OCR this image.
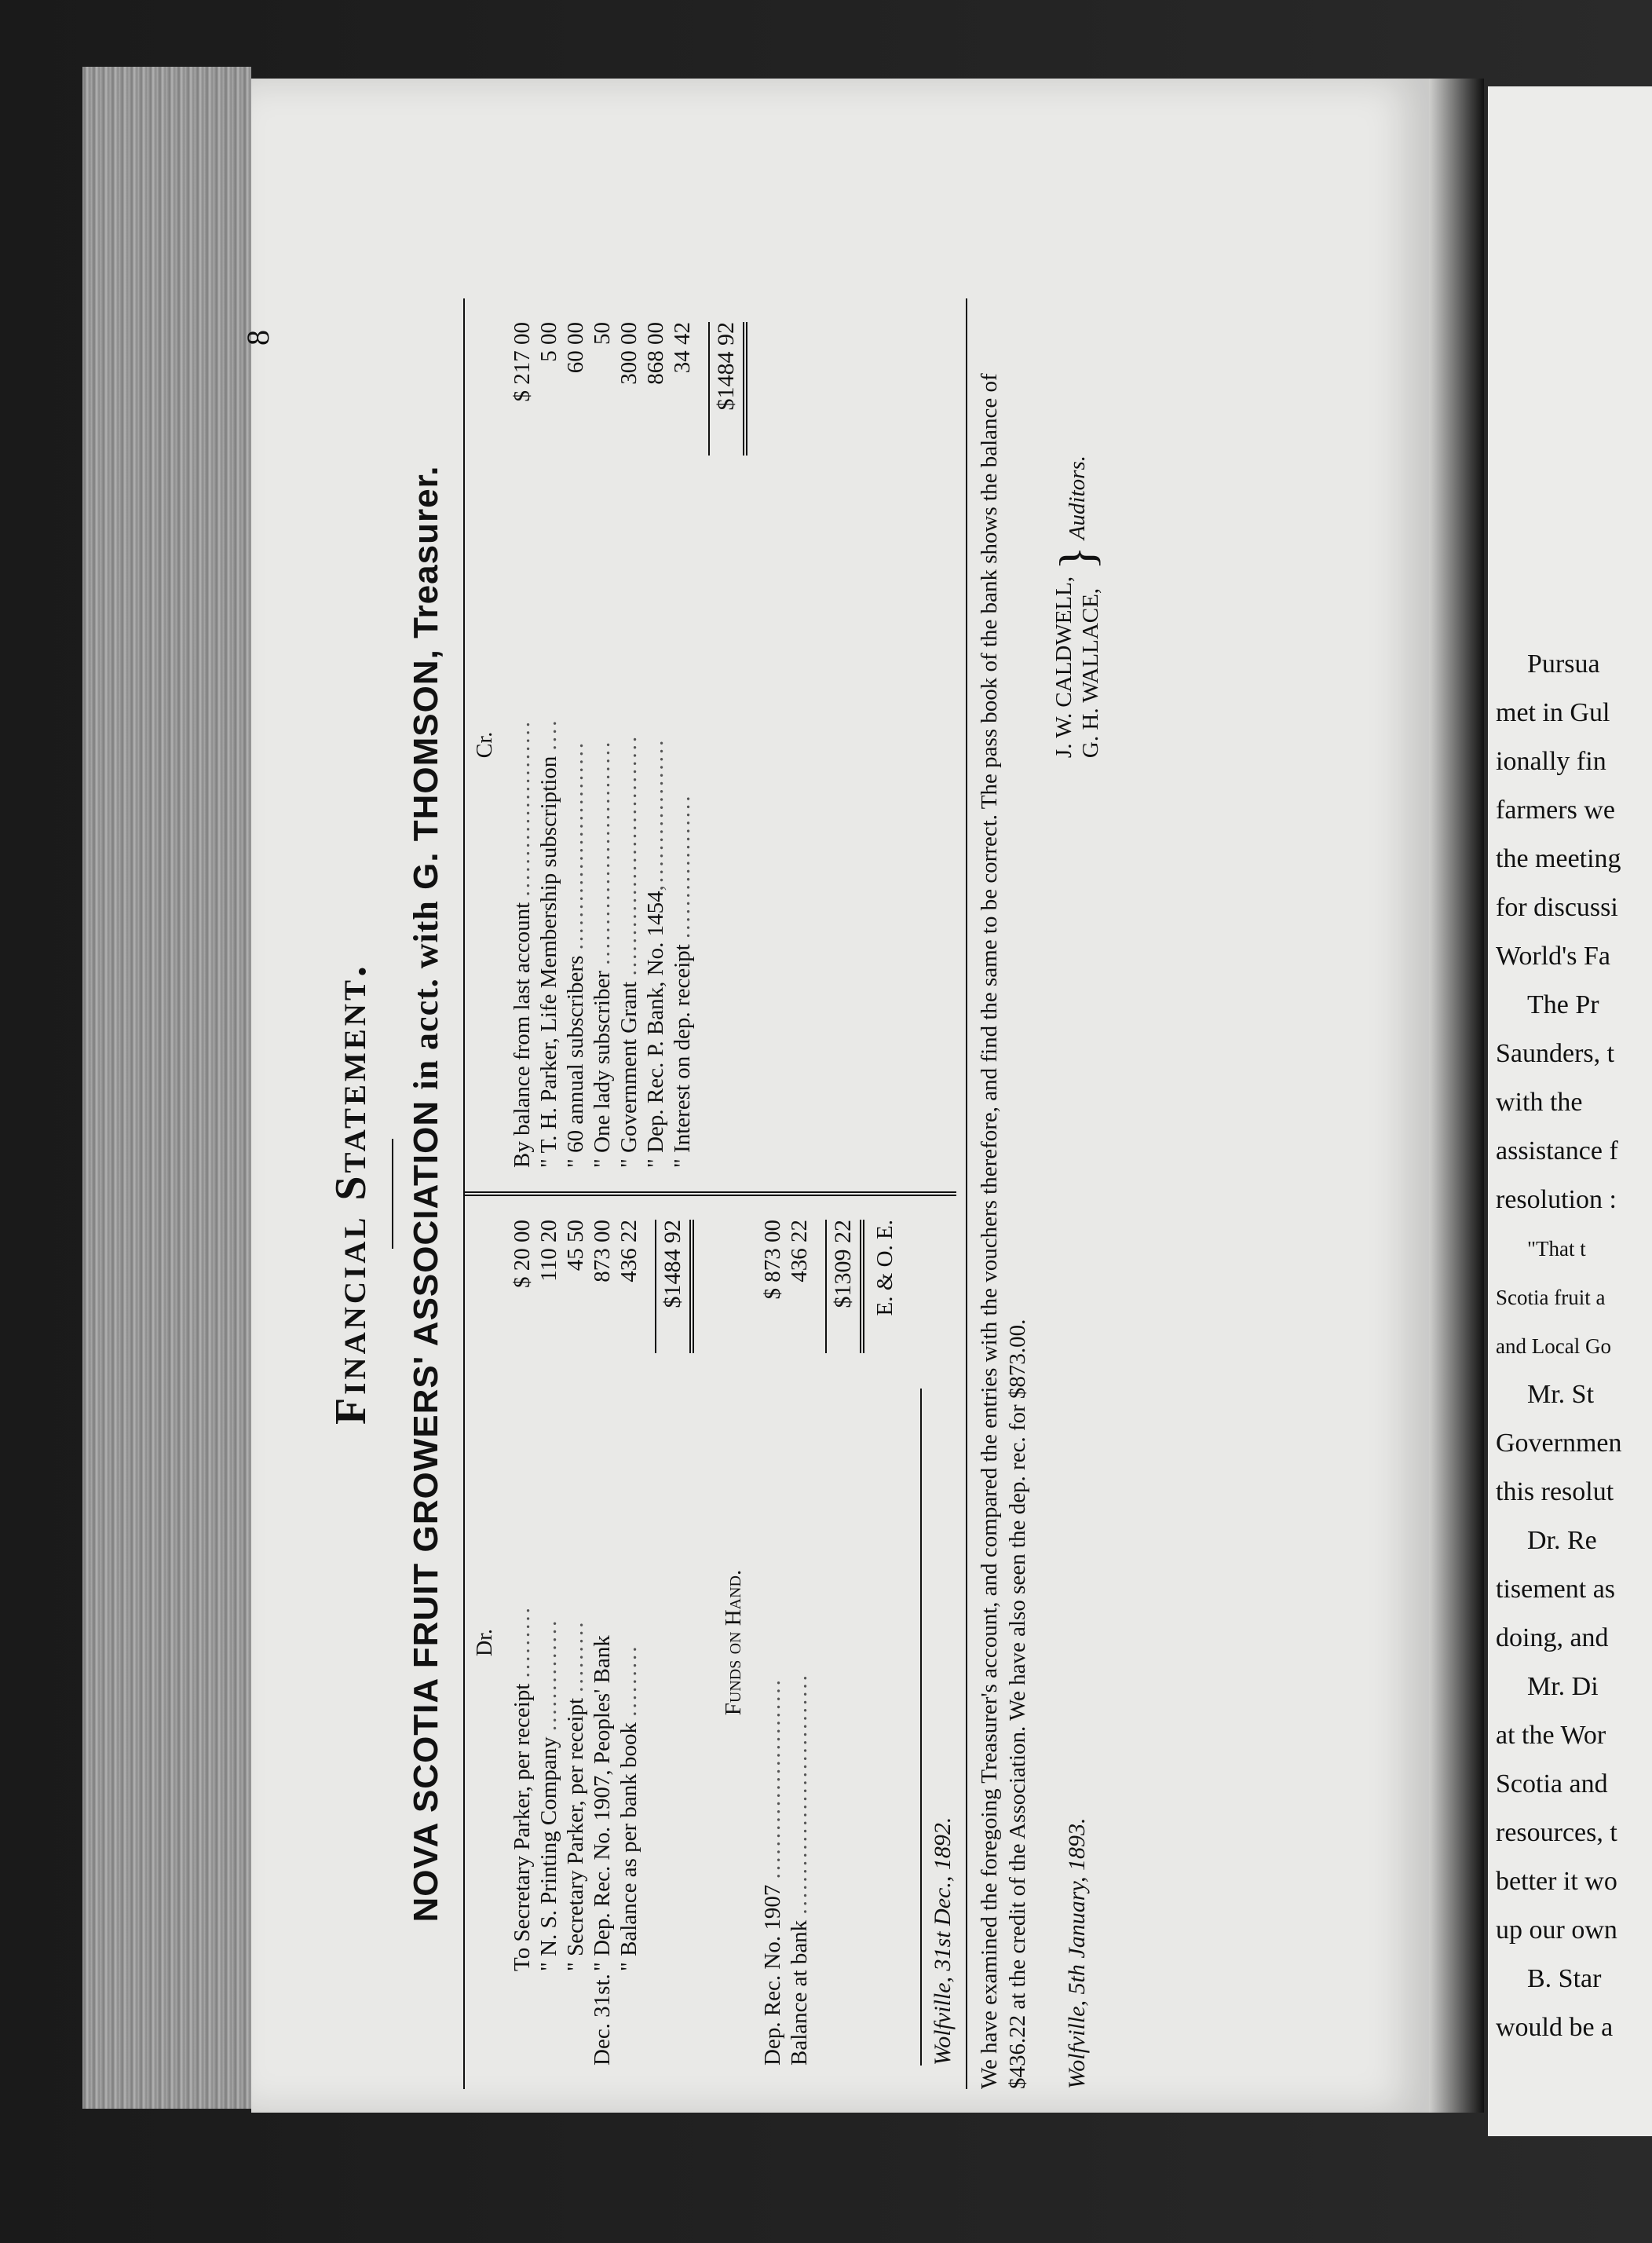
Pursua
met in Gul
ionally fin
farmers we
the meeting
for discussi
World's Fa
The Pr
Saunders, t
with the
assistance f
resolution :
"That t
Scotia fruit a
and Local Go
Mr. St
Governmen
this resolut
Dr. Re
tisement as
doing, and
Mr. Di
at the Wor
Scotia and
resources, t
better it wo
up our own
B. Star
would be a
8
Financial Statement. NOVA SCOTIA FRUIT GROWERS' ASSOCIATION in acct. with G. THOMSON, Treasurer.

Dr.
To Secretary Parker, per receipt .........
$ 20 00
" N. S. Printing Company ..............
110 20
" Secretary Parker, per receipt .........
45 50
Dec. 31st.
" Dep. Rec. No. 1907, Peoples' Bank
873 00
" Balance as per bank book .........
436 22 $1484 92
Funds on Hand.
Dep. Rec. No. 1907 .........................
$ 873 00
Balance at bank ..............................
436 22 $1309 22 E. & O. E.
Wolfville, 31st Dec., 1892.
Cr.
By balance from last account ......................
$ 217 00
" T. H. Parker, Life Membership subscription ....
5 00
" 60 annual subscribers ..........................
60 00
" One lady subscriber ............................
50
" Government Grant ..............................
300 00
" Dep. Rec. P. Bank, No. 1454,..................
868 00
" Interest on dep. receipt ..................
34 42 $1484 92
We have examined the foregoing Treasurer's account, and compared the entries with the vouchers therefore, and find the same to be correct. The pass book of the bank shows the balance of $436.22 at the credit of the Association. We have also seen the dep. rec. for $873.00. Wolfville, 5th January, 1893.
J. W. CALDWELL, G. H. WALLACE,
}
Auditors.
